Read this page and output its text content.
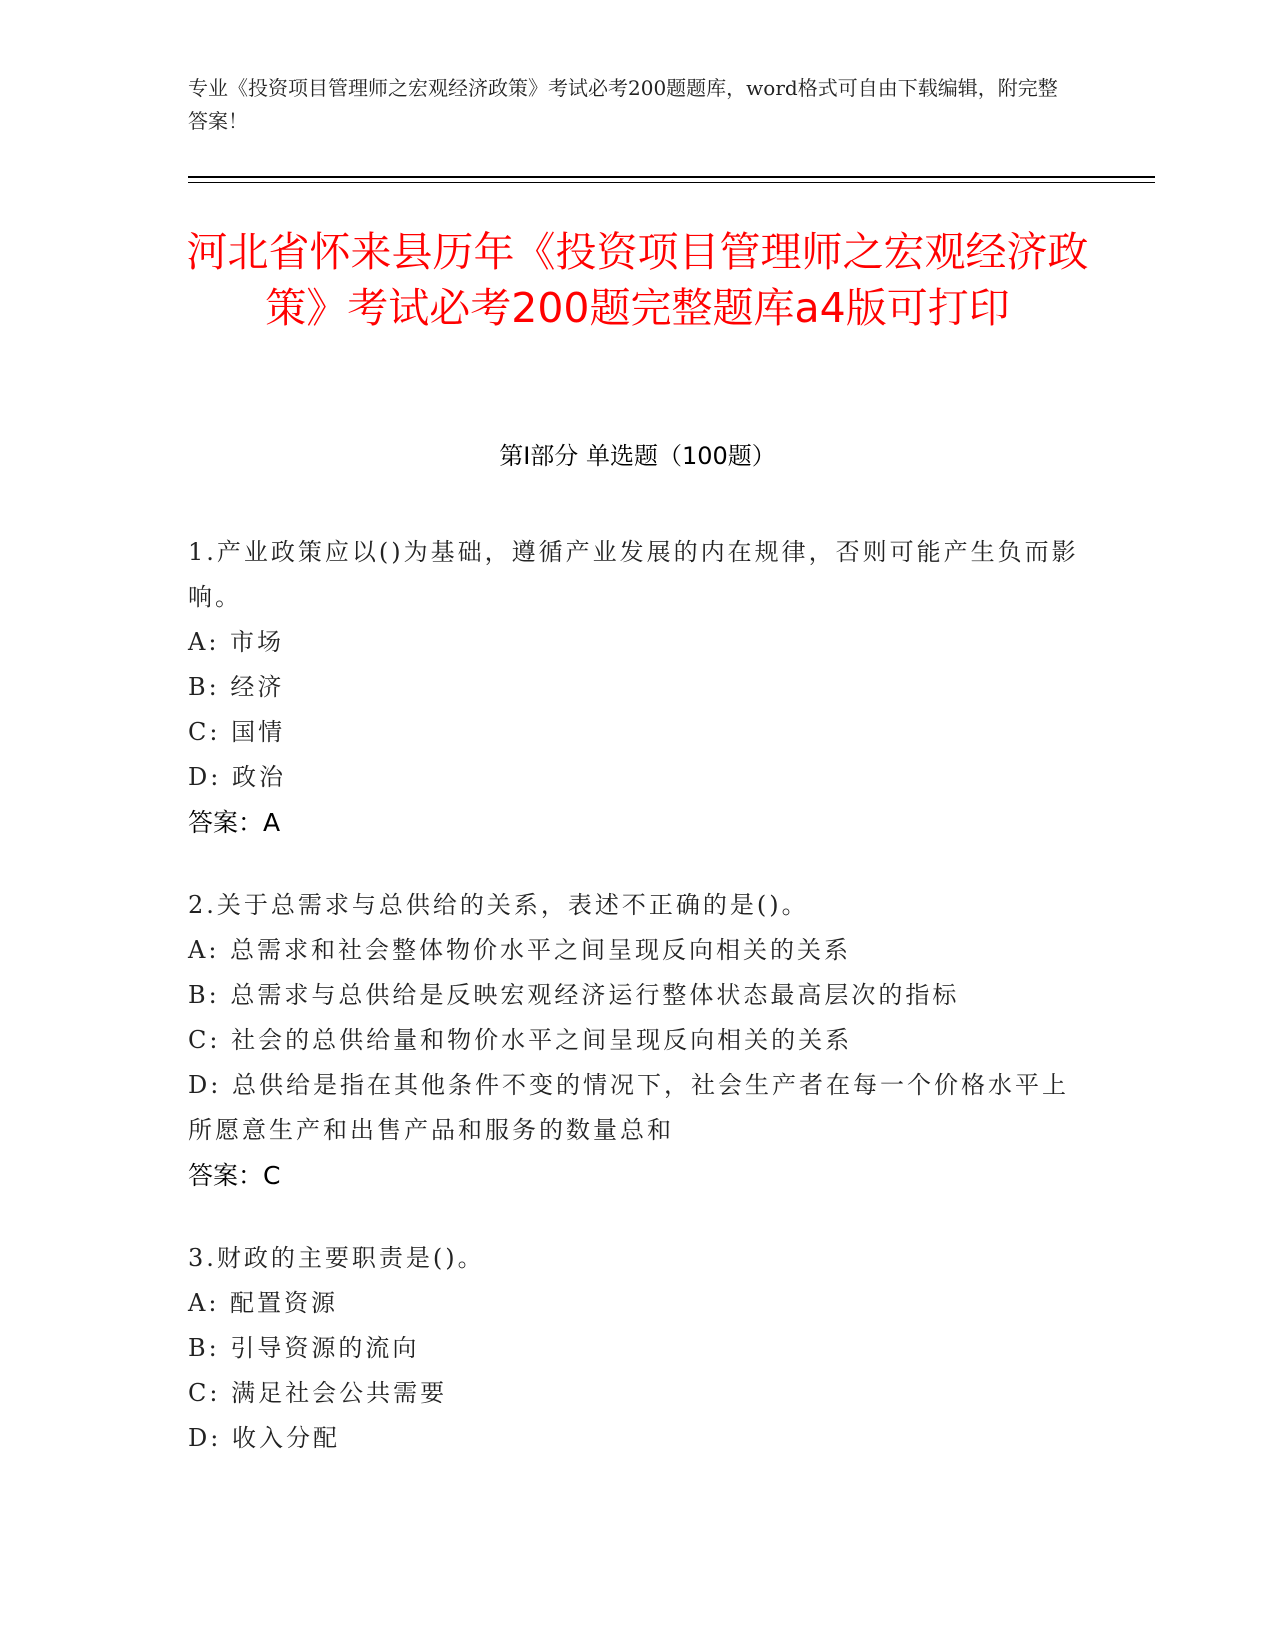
专业《投资项目管理师之宏观经济政策》考试必考200题题库，word格式可自由下载编辑，附完整答案！
河北省怀来县历年《投资项目管理师之宏观经济政策》考试必考200题完整题库a4版可打印
第Ⅰ部分 单选题（100题）
1.产业政策应以()为基础，遵循产业发展的内在规律，否则可能产生负而影响。
A: 市场
B: 经济
C: 国情
D: 政治
答案：A
2.关于总需求与总供给的关系，表述不正确的是()。
A: 总需求和社会整体物价水平之间呈现反向相关的关系
B: 总需求与总供给是反映宏观经济运行整体状态最高层次的指标
C: 社会的总供给量和物价水平之间呈现反向相关的关系
D: 总供给是指在其他条件不变的情况下，社会生产者在每一个价格水平上所愿意生产和出售产品和服务的数量总和
答案：C
3.财政的主要职责是()。
A: 配置资源
B: 引导资源的流向
C: 满足社会公共需要
D: 收入分配
